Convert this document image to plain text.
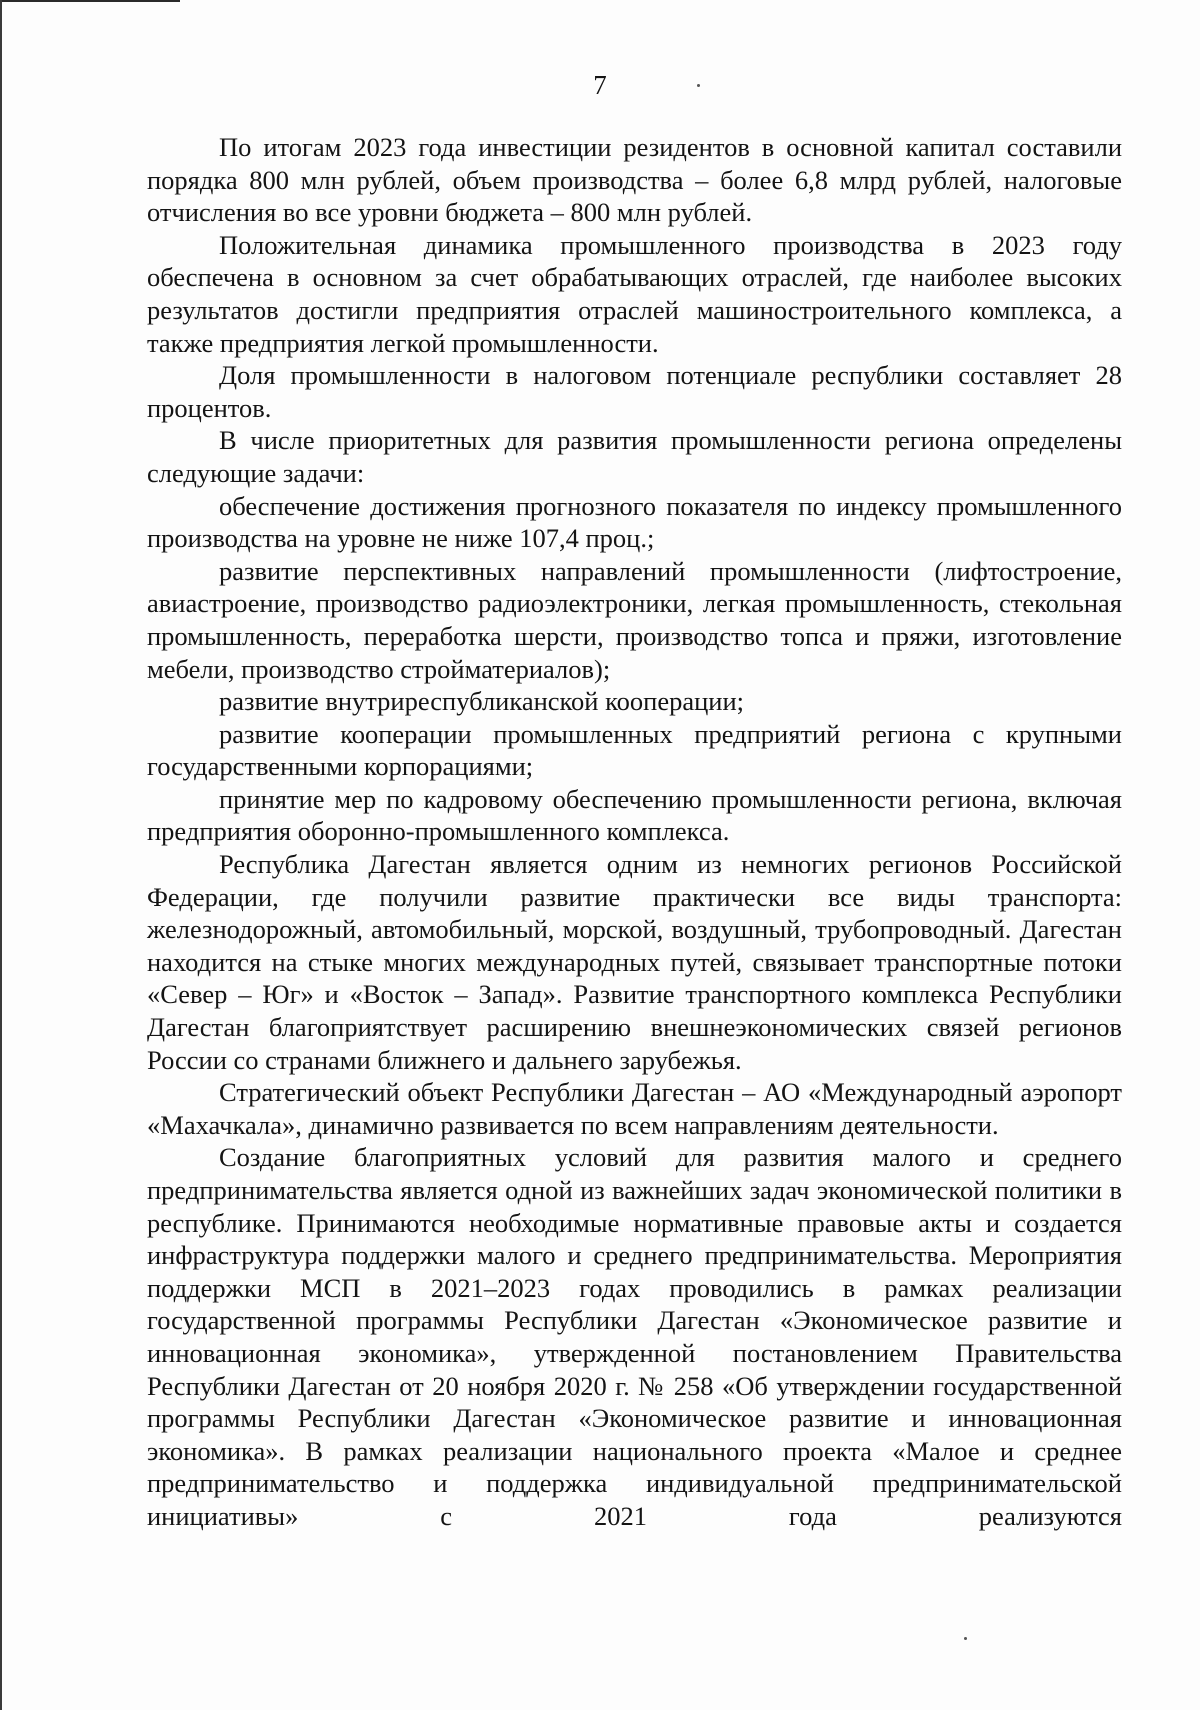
7

По итогам 2023 года инвестиции резидентов в основной капитал составили порядка 800 млн рублей, объем производства – более 6,8 млрд рублей, налоговые отчисления во все уровни бюджета – 800 млн рублей.

Положительная динамика промышленного производства в 2023 году обеспечена в основном за счет обрабатывающих отраслей, где наиболее высоких результатов достигли предприятия отраслей машиностроительного комплекса, а также предприятия легкой промышленности.

Доля промышленности в налоговом потенциале республики составляет 28 процентов.

В числе приоритетных для развития промышленности региона определены следующие задачи:

обеспечение достижения прогнозного показателя по индексу промышленного производства на уровне не ниже 107,4 проц.;

развитие перспективных направлений промышленности (лифтостроение, авиастроение, производство радиоэлектроники, легкая промышленность, стекольная промышленность, переработка шерсти, производство топса и пряжи, изготовление мебели, производство стройматериалов);

развитие внутриреспубликанской кооперации;

развитие кооперации промышленных предприятий региона с крупными государственными корпорациями;

принятие мер по кадровому обеспечению промышленности региона, включая предприятия оборонно-промышленного комплекса.

Республика Дагестан является одним из немногих регионов Российской Федерации, где получили развитие практически все виды транспорта: железнодорожный, автомобильный, морской, воздушный, трубопроводный. Дагестан находится на стыке многих международных путей, связывает транспортные потоки «Север – Юг» и «Восток – Запад». Развитие транспортного комплекса Республики Дагестан благоприятствует расширению внешнеэкономических связей регионов России со странами ближнего и дальнего зарубежья.

Стратегический объект Республики Дагестан – АО «Международный аэропорт «Махачкала», динамично развивается по всем направлениям деятельности.

Создание благоприятных условий для развития малого и среднего предпринимательства является одной из важнейших задач экономической политики в республике. Принимаются необходимые нормативные правовые акты и создается инфраструктура поддержки малого и среднего предпринимательства. Мероприятия поддержки МСП в 2021–2023 годах проводились в рамках реализации государственной программы Республики Дагестан «Экономическое развитие и инновационная экономика», утвержденной постановлением Правительства Республики Дагестан от 20 ноября 2020 г. № 258 «Об утверждении государственной программы Республики Дагестан «Экономическое развитие и инновационная экономика». В рамках реализации национального проекта «Малое и среднее предпринимательство и поддержка индивидуальной предпринимательской инициативы» с 2021 года реализуются
